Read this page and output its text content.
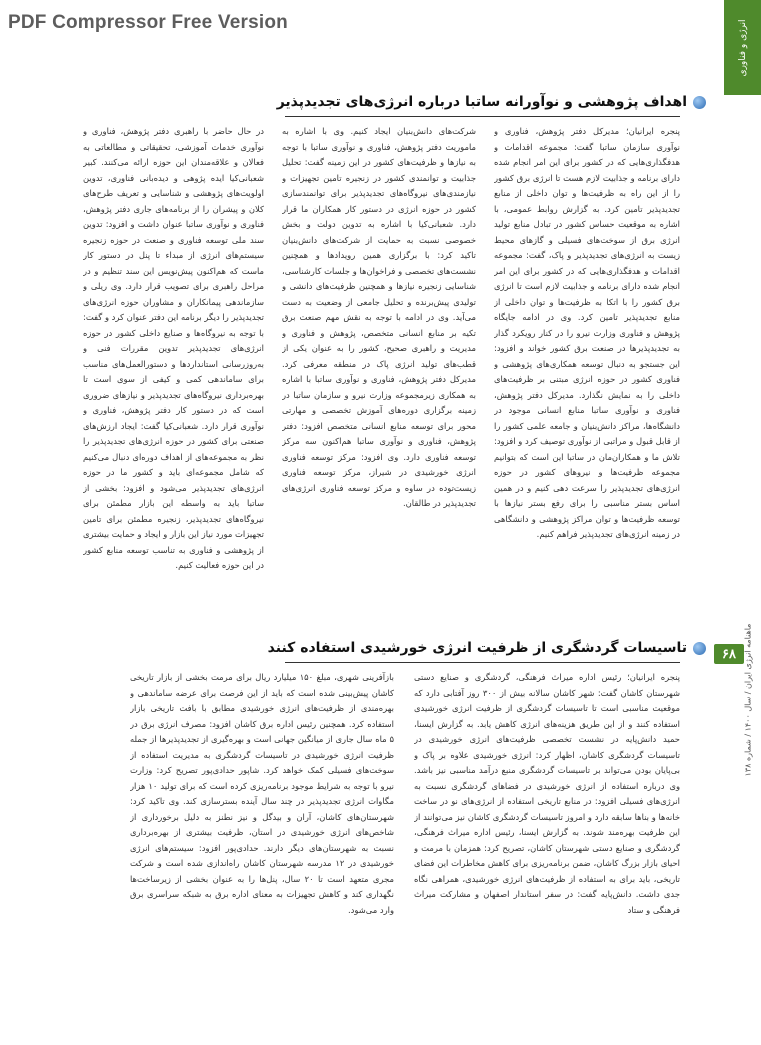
PDF Compressor Free Version	انرژی و فناوری
ماهنامه انرژی ایران / سال ۱۴۰۰ / شماره ۱۳۸
اهداف پژوهشی و نوآورانه ساتبا درباره انرژی‌های تجدیدپذیر

پنجره ایرانیان؛ مدیرکل دفتر پژوهش، فناوری و نوآوری سازمان ساتبا گفت: مجموعه اقدامات و هدفگذاری‌هایی که در کشور برای این امر انجام شده دارای برنامه و جذابیت لازم هست تا انرژی برق کشور را از این راه به ظرفیت‌ها و توان داخلی از منابع تجدیدپذیر تامین کرد. به گزارش روابط عمومی، با اشاره به موقعیت حساس کشور در تبادل منابع تولید انرژی برق از سوخت‌های فسیلی و گازهای محیط زیست به انرژی‌های تجدیدپذیر و پاک، گفت: مجموعه اقدامات و هدفگذاری‌هایی که در کشور برای این امر انجام شده دارای برنامه و جذابیت لازم است تا انرژی برق کشور را با اتکا به ظرفیت‌ها و توان داخلی از منابع تجدیدپذیر تامین کرد. وی در ادامه جایگاه پژوهش و فناوری وزارت نیرو را در کنار رویکرد گذار به تجدیدپذیرها در صنعت برق کشور خواند و افزود: این جستجو به دنبال توسعه همکاری‌های پژوهشی و فناوری کشور در حوزه انرژی مبتنی بر ظرفیت‌های داخلی را به نمایش نگذارد. مدیرکل دفتر پژوهش، فناوری و نوآوری ساتبا منابع انسانی موجود در دانشگاه‌ها، مراکز دانش‌بنیان و جامعه علمی کشور را از قابل قبول و مراتبی از نوآوری توصیف کرد و افزود: تلاش ما و همکاران‌مان در ساتبا این است که بتوانیم مجموعه ظرفیت‌ها و نیروهای کشور در حوزه انرژی‌های تجدیدپذیر را سرعت دهی کنیم و در همین اساس بستر مناسبی را برای رفع بستر نیازها با توسعه ظرفیت‌ها و توان مراکز پژوهشی و دانشگاهی در زمینه انرژی‌های تجدیدپذیر فراهم کنیم.

شرکت‌های دانش‌بنیان ایجاد کنیم. وی با اشاره به ماموریت دفتر پژوهش، فناوری و نوآوری ساتبا با توجه به نیازها و ظرفیت‌های کشور در این زمینه گفت: تحلیل جذابیت و توانمندی کشور در زنجیره تامین تجهیزات و نیازمندی‌های نیروگاه‌های تجدیدپذیر برای توانمندسازی کشور در حوزه انرژی در دستور کار همکاران ما قرار دارد. شعبانی‌کیا با اشاره به تدوین دولت و بخش خصوصی نسبت به حمایت از شرکت‌های دانش‌بنیان تاکید کرد: با برگزاری همین رویدادها و همچنین نشست‌های تخصصی و فراخوان‌ها و جلسات کارشناسی، شناسایی زنجیره نیازها و همچنین ظرفیت‌های دانشی و تولیدی پیش‌برنده و تحلیل جامعی از وضعیت به دست می‌آید. وی در ادامه با توجه به نقش مهم صنعت برق تکیه بر منابع انسانی متخصص، پژوهش و فناوری و مدیریت و راهبری صحیح، کشور را به عنوان یکی از قطب‌های تولید انرژی پاک در منطقه معرفی کرد. مدیرکل دفتر پژوهش، فناوری و نوآوری ساتبا با اشاره به همکاری زیرمجموعه وزارت نیرو و سازمان ساتبا در زمینه برگزاری دوره‌های آموزش تخصصی و مهارتی محور برای توسعه منابع انسانی متخصص افزود: دفتر پژوهش، فناوری و نوآوری ساتبا هم‌اکنون سه مرکز توسعه فناوری دارد. وی افزود: مرکز توسعه فناوری انرژی خورشیدی در شیراز، مرکز توسعه فناوری زیست‌توده در ساوه و مرکز توسعه فناوری انرژی‌های تجدیدپذیر در طالقان.

در حال حاضر با راهبری دفتر پژوهش، فناوری و نوآوری خدمات آموزشی، تحقیقاتی و مطالعاتی به فعالان و علاقه‌مندان این حوزه ارائه می‌کنند. کبیر شعبانی‌کیا ایده پژوهی و دیده‌بانی فناوری، تدوین اولویت‌های پژوهشی و شناسایی و تعریف طرح‌های کلان و پیشران را از برنامه‌های جاری دفتر پژوهش، فناوری و نوآوری ساتبا عنوان داشت و افزود: تدوین سند ملی توسعه فناوری و صنعت در حوزه زنجیره سیستم‌های انرژی از مبداء تا پنل در دستور کار ماست که هم‌اکنون پیش‌نویس این سند تنظیم و در مراحل راهبری برای تصویب قرار دارد. وی ریلی و سازماندهی پیمانکاران و مشاوران حوزه انرژی‌های تجدیدپذیر را دیگر برنامه این دفتر عنوان کرد و گفت: با توجه به نیروگاه‌ها و صنایع داخلی کشور در حوزه انرژی‌های تجدیدپذیر تدوین مقررات فنی و به‌روزرسانی استانداردها و دستورالعمل‌های مناسب برای ساماندهی کمی و کیفی از سوی است تا بهره‌برداری نیروگاه‌های تجدیدپذیر و نیازهای ضروری است که در دستور کار دفتر پژوهش، فناوری و نوآوری قرار دارد. شعبانی‌کیا گفت: ایجاد ارزش‌های صنعتی برای کشور در حوزه انرژی‌های تجدیدپذیر را نظر به مجموعه‌های از اهداف دوره‌ای دنبال می‌کنیم که شامل مجموعه‌ای باید و کشور ما در حوزه انرژی‌های تجدیدپذیر می‌شود و افزود: بخشی از ساتبا باید به واسطه این بازار مطمئن برای نیروگاه‌های تجدیدپذیر، زنجیره مطمئن برای تامین تجهیزات مورد نیاز این بازار و ایجاد و حمایت بیشتری از پژوهشی و فناوری به تناسب توسعه منابع کشور در این حوزه فعالیت کنیم.

۶۸
تاسیسات گردشگری از ظرفیت انرژی خورشیدی استفاده کنند

پنجره ایرانیان؛ رئیس اداره میراث فرهنگی، گردشگری و صنایع دستی شهرستان کاشان گفت: شهر کاشان سالانه بیش از ۳۰۰ روز آفتابی دارد که موقعیت مناسبی است تا تاسیسات گردشگری از ظرفیت انرژی خورشیدی استفاده کنند و از این طریق هزینه‌های انرژی کاهش یابد. به گزارش ایسنا، حمید دانش‌پایه در نشست تخصصی ظرفیت‌های انرژی خورشیدی در تاسیسات گردشگری کاشان، اظهار کرد: انرژی خورشیدی علاوه بر پاک و بی‌پایان بودن می‌تواند بر تاسیسات گردشگری منبع درآمد مناسبی نیز باشد. وی درباره استفاده از انرژی خورشیدی در فضاهای گردشگری نسبت به انرژی‌های فسیلی افزود: در منابع تاریخی استفاده از انرژی‌های نو در ساخت خانه‌ها و بناها سابقه دارد و امروز تاسیسات گردشگری کاشان نیز می‌توانند از این ظرفیت بهره‌مند شوند. به گزارش ایسنا، رئیس اداره میراث فرهنگی، گردشگری و صنایع دستی شهرستان کاشان، تصریح کرد: همزمان با مرمت و احیای بازار بزرگ کاشان، ضمن برنامه‌ریزی برای کاهش مخاطرات این فضای تاریخی، باید برای به استفاده از ظرفیت‌های انرژی خورشیدی، همراهی نگاه جدی داشت. دانش‌پایه گفت: در سفر استاندار اصفهان و مشارکت میراث فرهنگی و ستاد

بازآفرینی شهری، مبلغ ۱۵۰ میلیارد ریال برای مرمت بخشی از بازار تاریخی کاشان پیش‌بینی شده است که باید از این فرصت برای عرضه ساماندهی و بهره‌مندی از ظرفیت‌های انرژی خورشیدی مطابق با بافت تاریخی بازار استفاده کرد. همچنین رئیس اداره برق کاشان افزود: مصرف انرژی برق در ۵ ماه سال جاری از میانگین جهانی است و بهره‌گیری از تجدیدپذیرها از جمله ظرفیت انرژی خورشیدی در تاسیسات گردشگری به مدیریت استفاده از سوخت‌های فسیلی کمک خواهد کرد. شاپور حدادی‌پور تصریح کرد: وزارت نیرو با توجه به شرایط موجود برنامه‌ریزی کرده است که برای تولید ۱۰ هزار مگاوات انرژی تجدیدپذیر در چند سال آینده بسترسازی کند. وی تاکید کرد: شهرستان‌های کاشان، آران و بیدگل و نیز نطنز به دلیل برخورداری از شاخص‌های انرژی خورشیدی در استان، ظرفیت بیشتری از بهره‌برداری نسبت به شهرستان‌های دیگر دارند. حدادی‌پور افزود: سیستم‌های انرژی خورشیدی در ۱۲ مدرسه شهرستان کاشان راه‌اندازی شده است و شرکت مجری متعهد است تا ۲۰ سال، پنل‌ها را به عنوان بخشی از زیرساخت‌ها نگهداری کند و کاهش تجهیزات به معنای اداره برق به شبکه سراسری برق وارد می‌شود.
